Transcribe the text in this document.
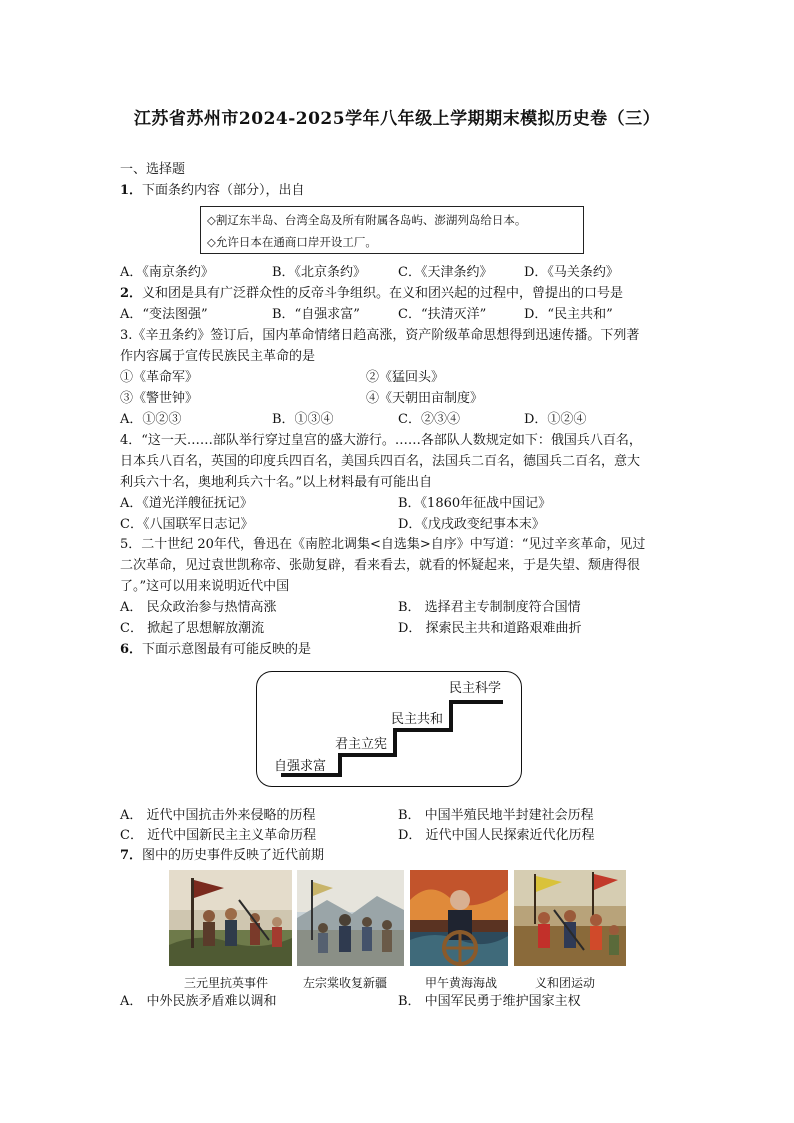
江苏省苏州市2024-2025学年八年级上学期期末模拟历史卷（三）
一、选择题
1．下面条约内容（部分），出自
◇割辽东半岛、台湾全岛及所有附属各岛屿、澎湖列岛给日本。
◇允许日本在通商口岸开设工厂。
A．《南京条约》	B．《北京条约》 C．《天津条约》 D．《马关条约》
2．义和团是具有广泛群众性的反帝斗争组织。在义和团兴起的过程中，曾提出的口号是
A．“变法图强”	B．“自强求富”	C．“扶清灭洋”	D．“民主共和”
3.《辛丑条约》签订后，国内革命情绪日趋高涨，资产阶级革命思想得到迅速传播。下列著
作内容属于宣传民族民主革命的是
①《革命军》	②《猛回头》
③《警世钟》	④《天朝田亩制度》
A．①②③	B．①③④	C．②③④	D．①②④
4．“这一天……部队举行穿过皇宫的盛大游行。……各部队人数规定如下：俄国兵八百名，
日本兵八百名，英国的印度兵四百名，美国兵四百名，法国兵二百名，德国兵二百名，意大
利兵六十名，奥地利兵六十名。”以上材料最有可能出自
A．《道光洋艘征抚记》	B．《1860年征战中国记》
C．《八国联军日志记》	D．《戊戌政变纪事本末》
5．二十世纪 20年代，鲁迅在《南腔北调集<自选集>自序》中写道：“见过辛亥革命，见过
二次革命，见过袁世凯称帝、张勋复辟，看来看去，就看的怀疑起来，于是失望、颓唐得很
了。”这可以用来说明近代中国
A． 民众政治参与热情高涨	B． 选择君主专制制度符合国情
C． 掀起了思想解放潮流	D． 探索民主共和道路艰难曲折
6．下面示意图最有可能反映的是
自强求富
君主立宪
民主共和
民主科学
A． 近代中国抗击外来侵略的历程	B． 中国半殖民地半封建社会历程
C． 近代中国新民主主义革命历程	D． 近代中国人民探索近代化历程
7．图中的历史事件反映了近代前期
三元里抗英事件	左宗棠收复新疆	甲午黄海海战	义和团运动
A． 中外民族矛盾难以调和	B． 中国军民勇于维护国家主权
